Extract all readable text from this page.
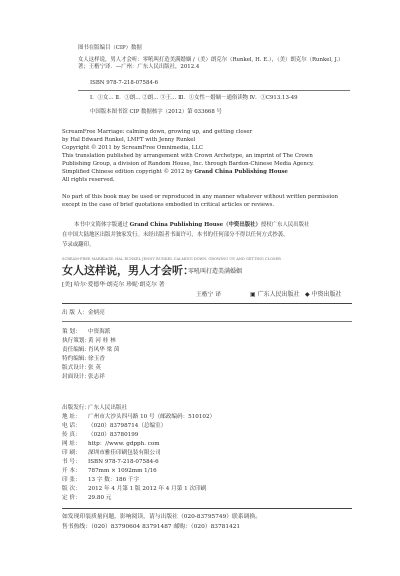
图书在版编目（CIP）数据
女人这样说，男人才会听：零吼叫打造美满婚姻 /（美）朗克尔（Runkel, H. E.），（美）朗克尔（Runkel, J.）著；王楷宁译．—广州：广东人民出版社，2012.4
ISBN 978-7-218-07584-6
Ⅰ．①女… Ⅱ．①朗… ②朗… ③王… Ⅲ．①女性－婚姻－通俗读物 Ⅳ．①C913.13-49
中国版本图书馆 CIP 数据核字（2012）第 033668 号
ScreamFree Marriage: calming down, growing up, and getting closer
by Hal Edward Runkel, LMFT with Jenny Runkel
Copyright © 2011 by ScreamFree Omnimedia, LLC
This translation published by arrangement with Crown Archetype, an imprint of The Crown
Publishing Group, a division of Random House, Inc. through Bardon-Chinese Media Agency.
Simplified Chinese edition copyright © 2012 by Grand China Publishing House
All rights reserved.
No part of this book may be used or reproduced in any manner whatever without written permission
except in the case of brief quotations embodied in critical articles or reviews.
本书中文简体字版通过 Grand China Publishing House（中资出版社）授权广东人民出版社
在中国大陆地区出版并独家发行。未经出版者书面许可，本书的任何部分不得以任何方式抄袭、
节录或翻印。
SCREAM-FREE MARRIAGE: HAL RUNKEL JENNY RUNKEL CALMING DOWN, GROWING UP, AND GETTING CLOSER
女人这样说，男人才会听：
零吼叫打造美满婚姻
[美] 哈尔·爱德华·朗克尔 珍妮·朗克尔 著
王楷宁 译	▣ 广东人民出版社 ◆ 中资出版社
出 版 人：金炳亮
策 划： 中资海派
执行策划：黄 河 桂 林
责任编辑：肖风华 梁 茵
特约编辑：徐玉香
版式设计：张 英
封面设计：张志祥
出版发行：广东人民出版社
地 址： 广州市大沙头四马路 10 号（邮政编码：510102）
电 话： （020）83798714（总编室）
传 真： （020）83780199
网 址： http：//www. gdpph. com
印 刷： 深圳市雅佳印刷包装有限公司
书 号： ISBN 978-7-218-07584-6
开 本： 787mm × 1092mm 1/16
印 张： 13 字 数：186 千字
版 次： 2012 年 4 月第 1 版 2012 年 4 月第 1 次印刷
定 价： 29.80 元
如发现印装质量问题，影响阅读，请与出版社（020-83795749）联系调换。
售书热线：（020）83790604 83791487 邮购：（020）83781421
